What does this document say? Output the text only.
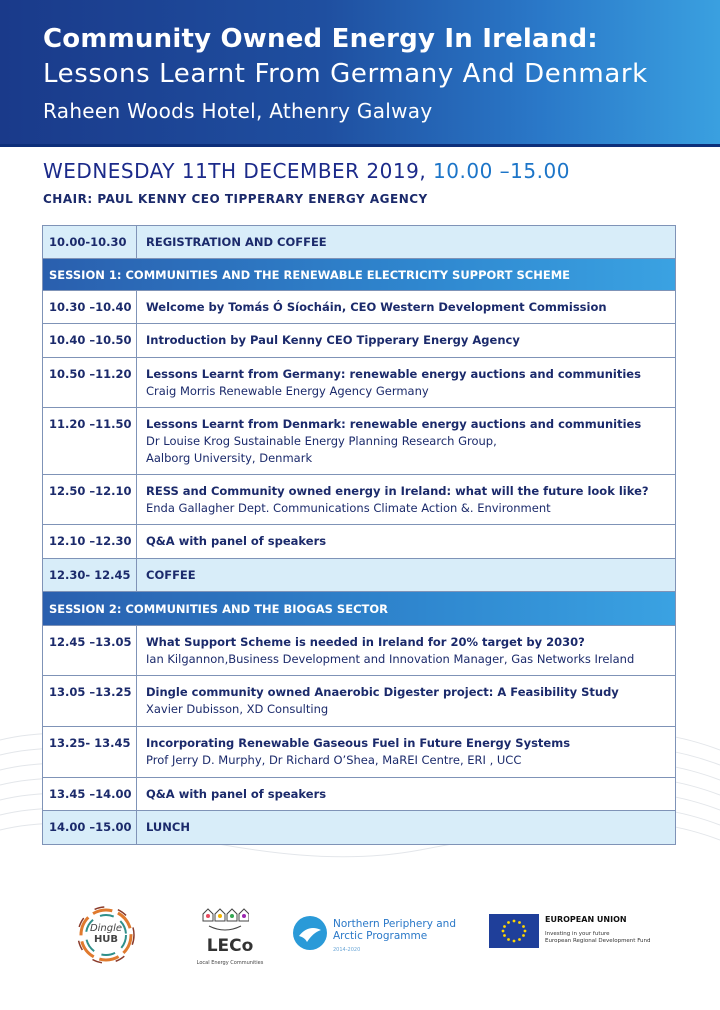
Community Owned Energy In Ireland:
Lessons Learnt From Germany And Denmark
Raheen Woods Hotel, Athenry Galway
WEDNESDAY 11TH DECEMBER 2019, 10.00 –15.00
CHAIR: PAUL KENNY CEO TIPPERARY ENERGY AGENCY
10.00-10.30	REGISTRATION AND COFFEE
SESSION 1: COMMUNITIES AND THE RENEWABLE ELECTRICITY SUPPORT SCHEME
10.30 –10.40	Welcome by Tomás Ó Síocháin, CEO Western Development Commission
10.40 –10.50	Introduction by Paul Kenny CEO Tipperary Energy Agency
10.50 –11.20	Lessons Learnt from Germany: renewable energy auctions and communities
Craig Morris Renewable Energy Agency Germany
11.20 –11.50	Lessons Learnt from Denmark: renewable energy auctions and communities
Dr Louise Krog Sustainable Energy Planning Research Group,
Aalborg University, Denmark
12.50 –12.10	RESS and Community owned energy in Ireland: what will the future look like?
Enda Gallagher Dept. Communications Climate Action &. Environment
12.10 –12.30	Q&A with panel of speakers
12.30- 12.45	COFFEE
SESSION 2: COMMUNITIES AND THE BIOGAS SECTOR
12.45 –13.05	What Support Scheme is needed in Ireland for 20% target by 2030?
Ian Kilgannon,Business Development and Innovation Manager, Gas Networks Ireland
13.05 –13.25	Dingle community owned Anaerobic Digester project: A Feasibility Study
Xavier Dubisson, XD Consulting
13.25- 13.45	Incorporating Renewable Gaseous Fuel in Future Energy Systems
Prof Jerry D. Murphy, Dr Richard O’Shea, MaREI Centre, ERI , UCC
13.45 –14.00	Q&A with panel of speakers
14.00 –15.00	LUNCH
Dingle
HUB	LECo
Local Energy Communities
Northern Periphery and
Arctic Programme
2014-2020
EUROPEAN UNION
Investing in your future
European Regional Development Fund
